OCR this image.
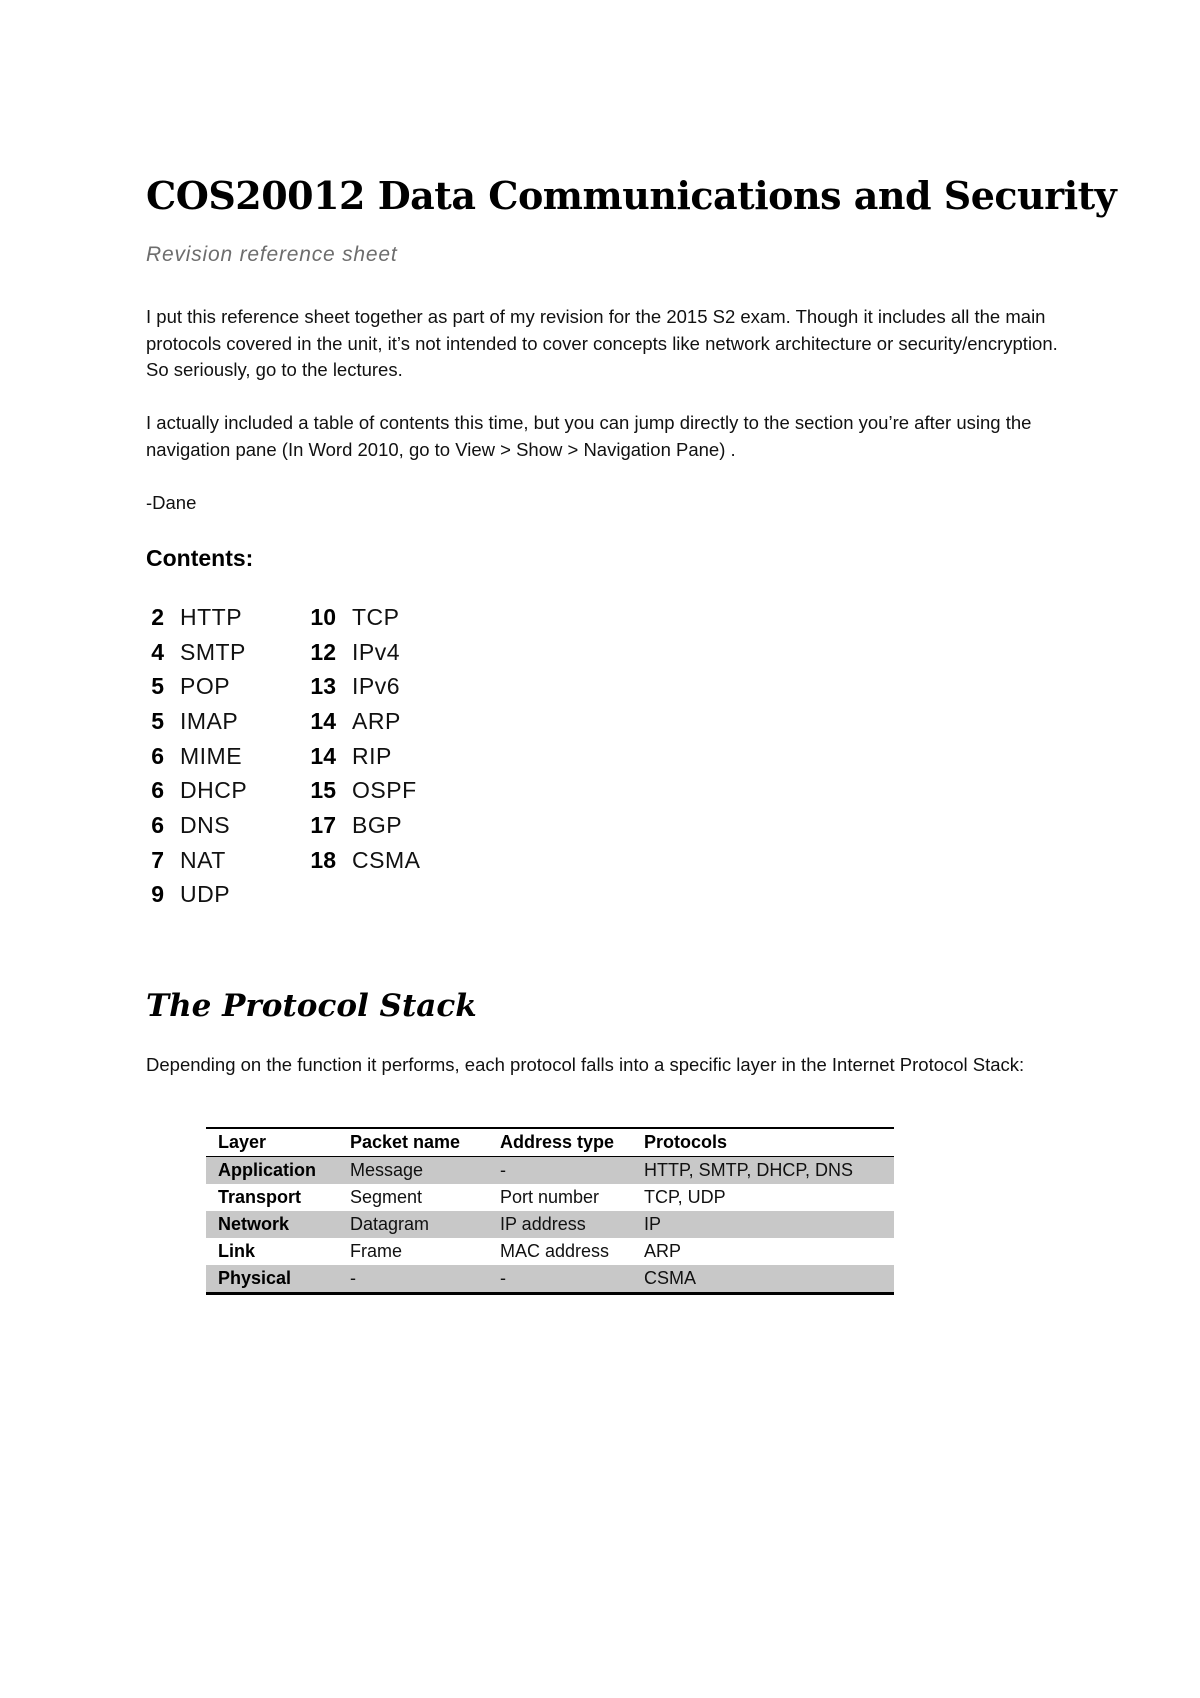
COS20012 Data Communications and Security
Revision reference sheet
I put this reference sheet together as part of my revision for the 2015 S2 exam. Though it includes all the main protocols covered in the unit, it’s not intended to cover concepts like network architecture or security/encryption. So seriously, go to the lectures.
I actually included a table of contents this time, but you can jump directly to the section you’re after using the navigation pane (In Word 2010, go to View > Show > Navigation Pane) .
-Dane
Contents:
2 HTTP
4 SMTP
5 POP
5 IMAP
6 MIME
6 DHCP
6 DNS
7 NAT
9 UDP
10 TCP
12 IPv4
13 IPv6
14 ARP
14 RIP
15 OSPF
17 BGP
18 CSMA
The Protocol Stack
Depending on the function it performs, each protocol falls into a specific layer in the Internet Protocol Stack:
Layer	Packet name	Address type	Protocols
Application	Message	-	HTTP, SMTP, DHCP, DNS
Transport	Segment	Port number	TCP, UDP
Network	Datagram	IP address	IP
Link	Frame	MAC address	ARP
Physical	-	-	CSMA
